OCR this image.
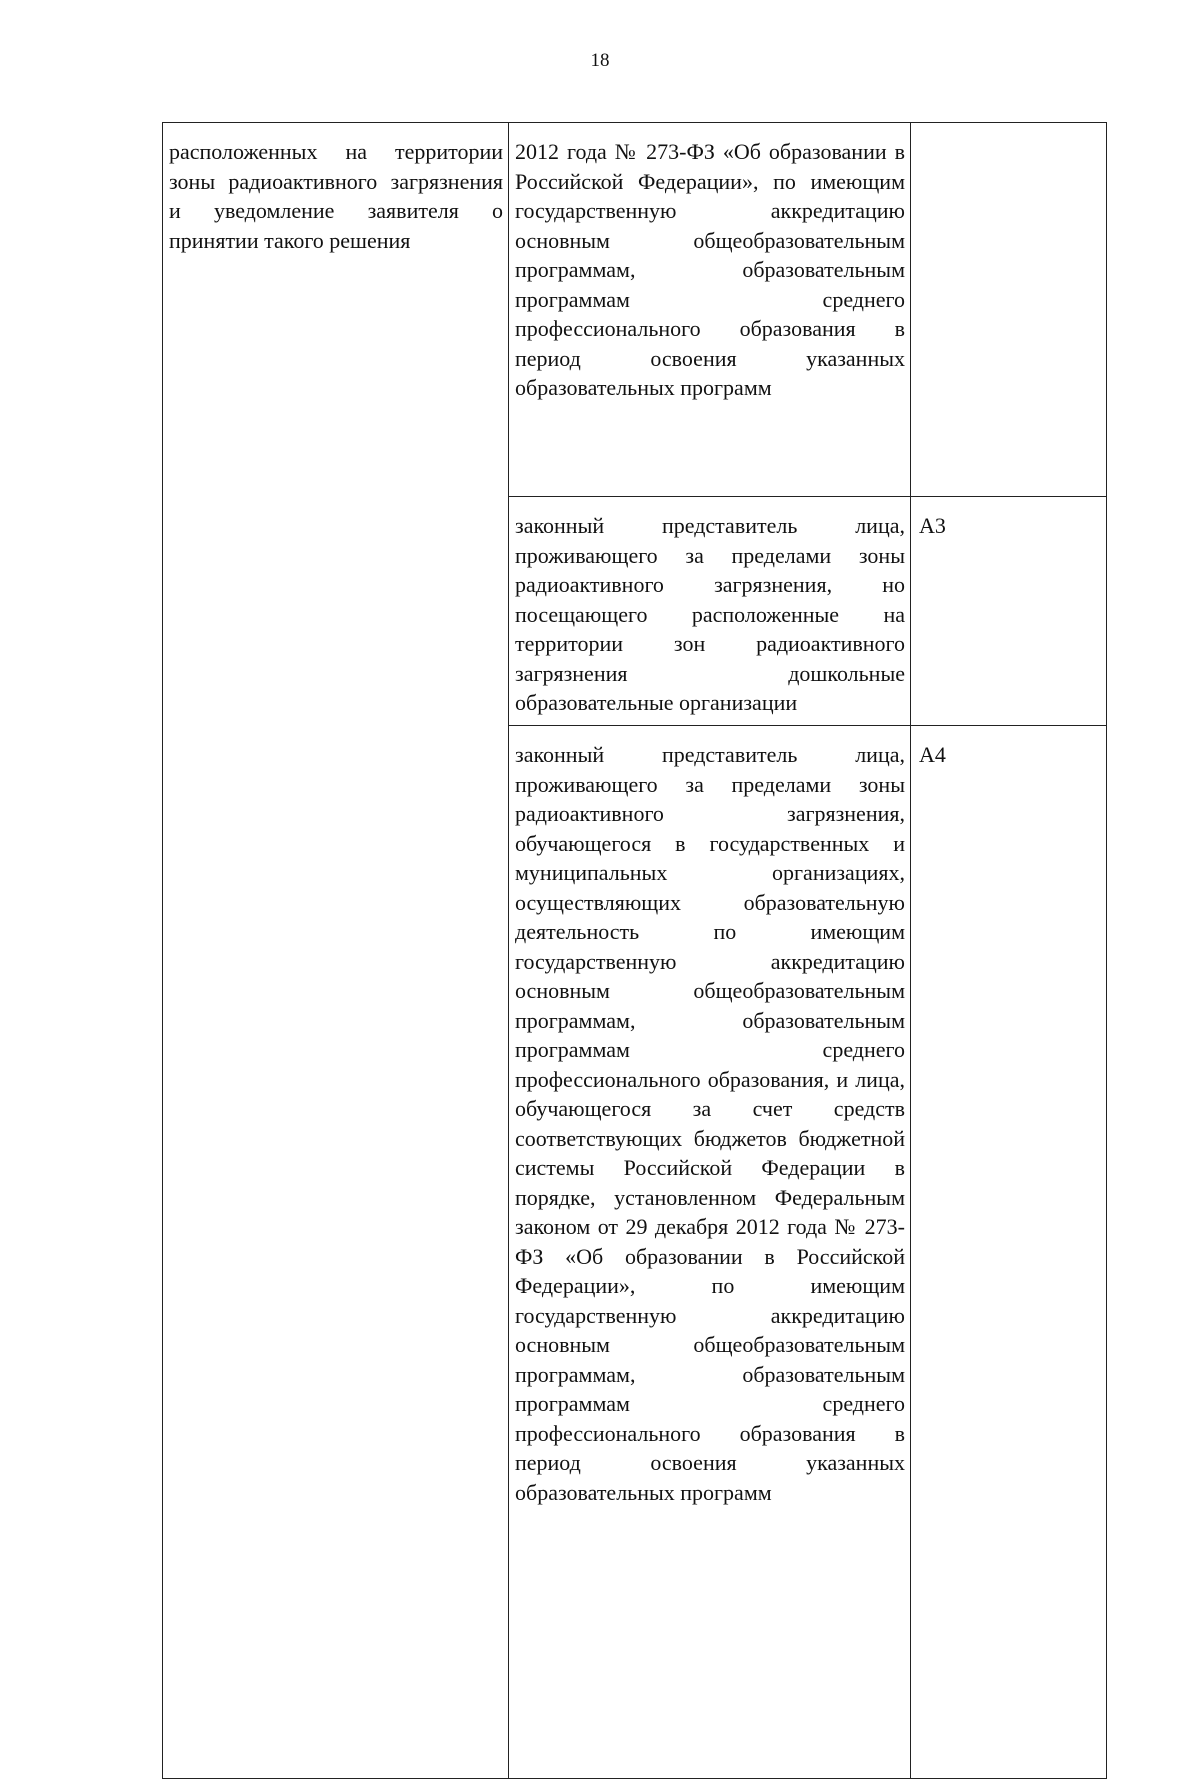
18
расположенных на территории зоны радиоактивного загрязнения и уведомление заявителя о принятии такого решения	2012 года № 273-ФЗ «Об образовании в Российской Федерации», по имеющим государственную аккредитацию основным общеобразовательным программам, образовательным программам среднего профессионального образования в период освоения указанных образовательных программ	
	законный представитель лица, проживающего за пределами зоны радиоактивного загрязнения, но посещающего расположенные на территории зон радиоактивного загрязнения дошкольные образовательные организации	А3
	законный представитель лица, проживающего за пределами зоны радиоактивного загрязнения, обучающегося в государственных и муниципальных организациях, осуществляющих образовательную деятельность по имеющим государственную аккредитацию основным общеобразовательным программам, образовательным программам среднего профессионального образования, и лица, обучающегося за счет средств соответствующих бюджетов бюджетной системы Российской Федерации в порядке, установленном Федеральным законом от 29 декабря 2012 года № 273-ФЗ «Об образовании в Российской Федерации», по имеющим государственную аккредитацию основным общеобразовательным программам, образовательным программам среднего профессионального образования в период освоения указанных образовательных программ	А4
